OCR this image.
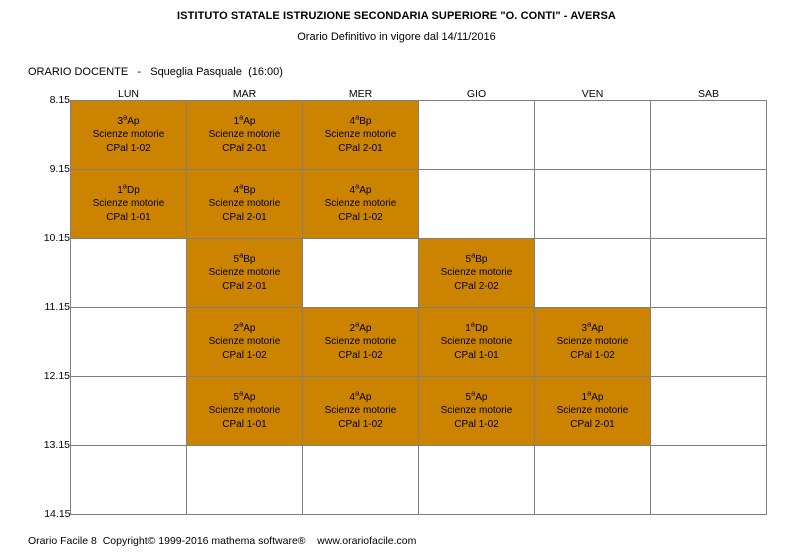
ISTITUTO STATALE ISTRUZIONE SECONDARIA SUPERIORE "O. CONTI" - AVERSA
Orario Definitivo in vigore dal 14/11/2016
ORARIO DOCENTE   -   Squeglia Pasquale  (16:00)
	LUN	MAR	MER	GIO	VEN	SAB
8.15	3$^a$Ap
Scienze motorie
CPal 1-02	1$^a$Ap
Scienze motorie
CPal 2-01	4$^a$Bp
Scienze motorie
CPal 2-01			

9.15	1$^a$Dp
Scienze motorie
CPal 1-01	4$^a$Bp
Scienze motorie
CPal 2-01	4$^a$Ap
Scienze motorie
CPal 1-02			

10.15		5$^a$Bp
Scienze motorie
CPal 2-01		5$^a$Bp
Scienze motorie
CPal 2-02		

11.15		2$^a$Ap
Scienze motorie
CPal 1-02	2$^a$Ap
Scienze motorie
CPal 1-02	1$^a$Dp
Scienze motorie
CPal 1-01	3$^a$Ap
Scienze motorie
CPal 1-02	

12.15		5$^a$Ap
Scienze motorie
CPal 1-01	4$^a$Ap
Scienze motorie
CPal 1-02	5$^a$Ap
Scienze motorie
CPal 1-02	1$^a$Ap
Scienze motorie
CPal 2-01	

13.15						
14.15						
Orario Facile 8  Copyright© 1999-2016 mathema software®    www.orariofacile.com
